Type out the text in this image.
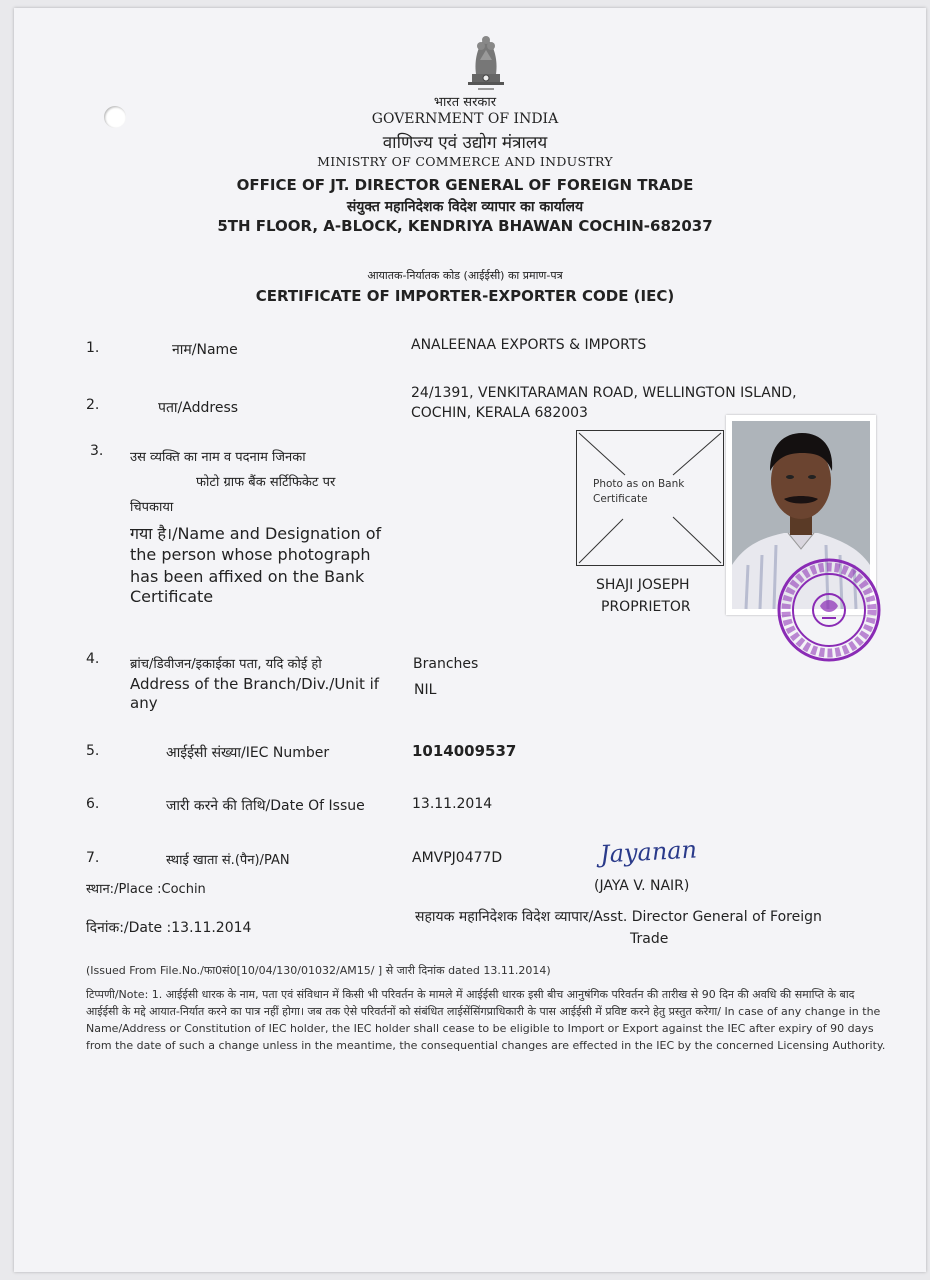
भारत सरकार
GOVERNMENT OF INDIA
वाणिज्य एवं उद्योग मंत्रालय
MINISTRY OF COMMERCE AND INDUSTRY
OFFICE OF JT. DIRECTOR GENERAL OF FOREIGN TRADE
संयुक्त महानिदेशक विदेश व्यापार का कार्यालय
5TH FLOOR, A-BLOCK, KENDRIYA BHAWAN COCHIN-682037
आयातक-निर्यातक कोड (आईईसी) का प्रमाण-पत्र
CERTIFICATE OF IMPORTER-EXPORTER CODE (IEC)
1.	नाम/Name	ANALEENAA EXPORTS & IMPORTS
2.	पता/Address
24/1391, VENKITARAMAN ROAD, WELLINGTON ISLAND,
COCHIN, KERALA 682003
3. उस व्यक्ति का नाम व पदनाम जिनका
फोटो ग्राफ बैंक सर्टिफिकेट पर
चिपकाया
गया है।/Name and Designation of
the person whose photograph
has been affixed on the Bank
Certificate
Photo as on Bank Certificate
SHAJI JOSEPH
PROPRIETOR
4. ब्रांच/डिवीजन/इकाईका पता, यदि कोई हो
Address of the Branch/Div./Unit if
any
Branches
NIL
5.	आईईसी संख्या/IEC Number	1014009537
6.	जारी करने की तिथि/Date Of Issue	13.11.2014
7.	स्थाई खाता सं.(पैन)/PAN	AMVPJ0477D	Jayanan
(JAYA V. NAIR)
स्थान:/Place :Cochin
दिनांक:/Date :13.11.2014
सहायक महानिदेशक विदेश व्यापार/Asst. Director General of Foreign
Trade
(Issued From File.No./फा0सं0[10/04/130/01032/AM15/ ] से जारी दिनांक dated 13.11.2014)
टिप्पणी/Note: 1. आईईसी धारक के नाम, पता एवं संविधान में किसी भी परिवर्तन के मामले में आईईसी धारक इसी बीच आनुषंगिक परिवर्तन की तारीख से 90 दिन की अवधि की समाप्ति के बाद आईईसी के मद्दे आयात-निर्यात करने का पात्र नहीं होगा। जब तक ऐसे परिवर्तनों को संबंधित लाईसेंसिंगप्राधिकारी के पास आईईसी में प्रविष्ट करने हेतु प्रस्तुत करेगा/ In case of any change in the Name/Address or Constitution of IEC holder, the IEC holder shall cease to be eligible to Import or Export against the IEC after expiry of 90 days from the date of such a change unless in the meantime, the consequential changes are effected in the IEC by the concerned Licensing Authority.
